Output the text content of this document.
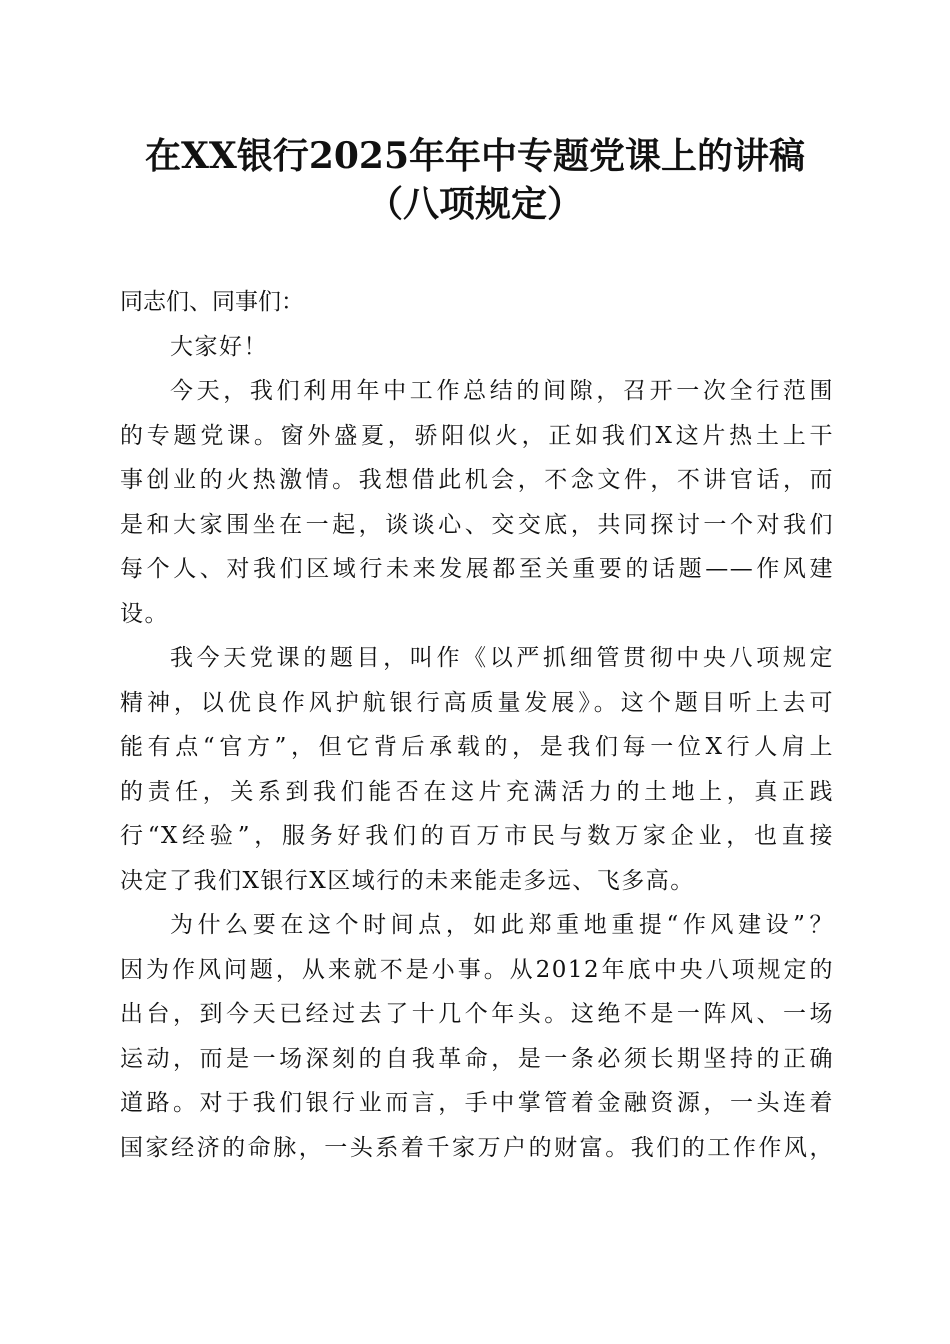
在XX银行2025年年中专题党课上的讲稿
（八项规定）

同志们、同事们：

大家好！

今天，我们利用年中工作总结的间隙，召开一次全行范围
的专题党课。窗外盛夏，骄阳似火，正如我们X这片热土上干
事创业的火热激情。我想借此机会，不念文件，不讲官话，而
是和大家围坐在一起，谈谈心、交交底，共同探讨一个对我们
每个人、对我们区域行未来发展都至关重要的话题——作风建
设。

我今天党课的题目，叫作《以严抓细管贯彻中央八项规定
精神，以优良作风护航银行高质量发展》。这个题目听上去可
能有点“官方”，但它背后承载的，是我们每一位X行人肩上
的责任，关系到我们能否在这片充满活力的土地上，真正践
行“X经验”，服务好我们的百万市民与数万家企业，也直接
决定了我们X银行X区域行的未来能走多远、飞多高。

为什么要在这个时间点，如此郑重地重提“作风建设”？
因为作风问题，从来就不是小事。从2012年底中央八项规定的
出台，到今天已经过去了十几个年头。这绝不是一阵风、一场
运动，而是一场深刻的自我革命，是一条必须长期坚持的正确
道路。对于我们银行业而言，手中掌管着金融资源，一头连着
国家经济的命脉，一头系着千家万户的财富。我们的工作作风，
